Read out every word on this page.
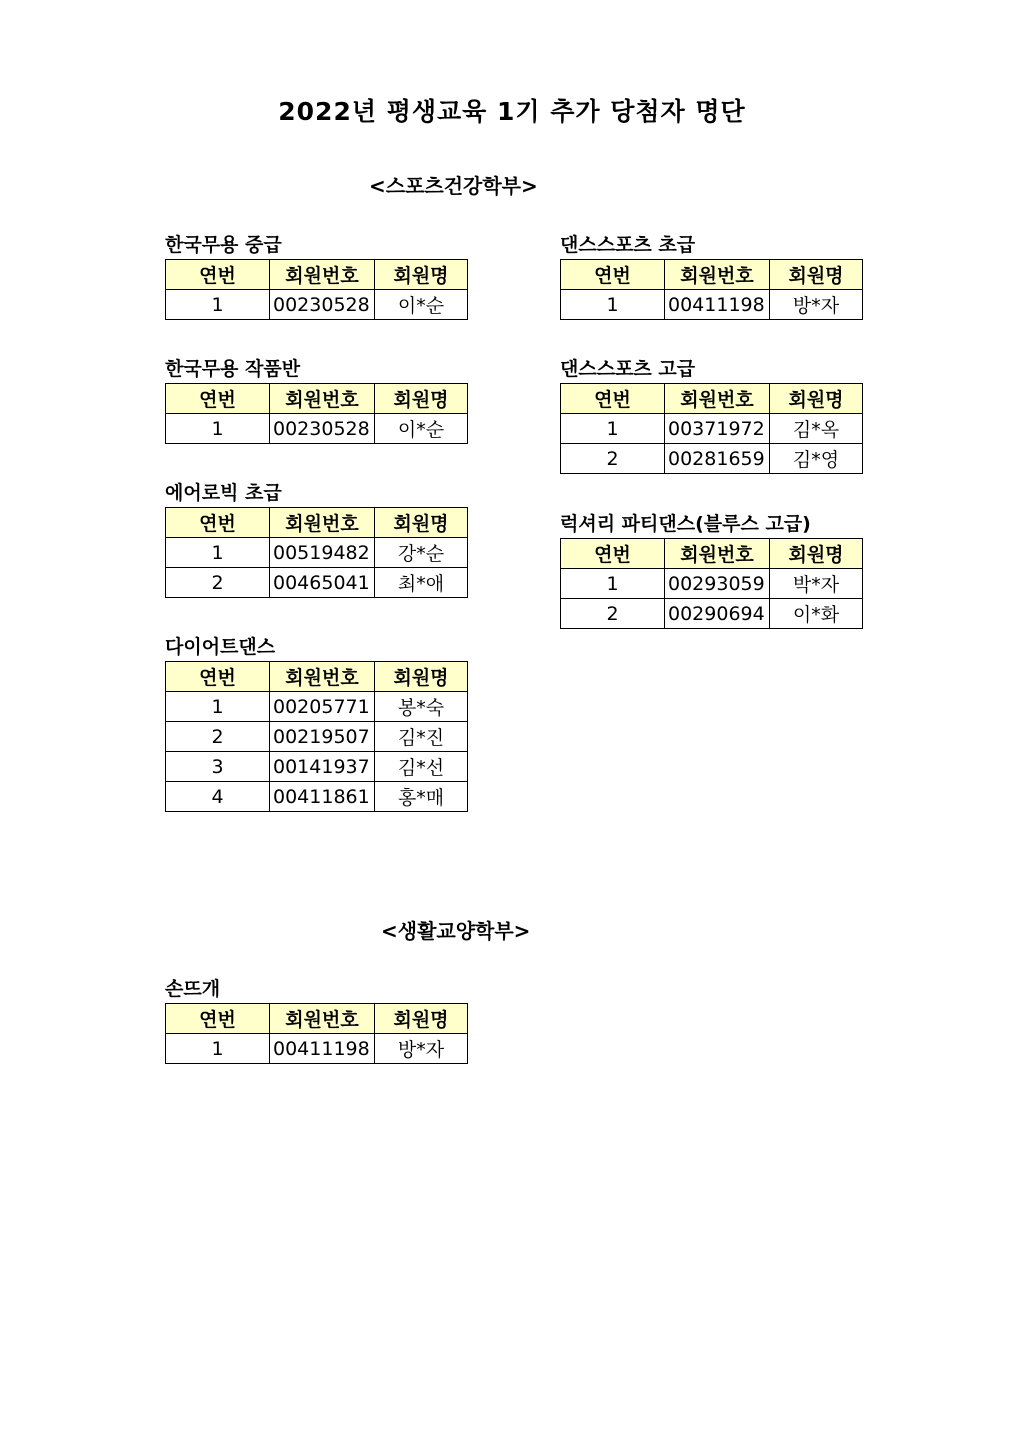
2022년 평생교육 1기 추가 당첨자 명단
<스포츠건강학부>
한국무용 중급
연번	회원번호	회원명
1	00230528	이*순
댄스스포츠 초급
연번	회원번호	회원명
1	00411198	방*자
한국무용 작품반
연번	회원번호	회원명
1	00230528	이*순
댄스스포츠 고급
연번	회원번호	회원명
1	00371972	김*옥
2	00281659	김*영
에어로빅 초급
연번	회원번호	회원명
1	00519482	강*순
2	00465041	최*애
럭셔리 파티댄스(블루스 고급)
연번	회원번호	회원명
1	00293059	박*자
2	00290694	이*화
다이어트댄스
연번	회원번호	회원명
1	00205771	봉*숙
2	00219507	김*진
3	00141937	김*선
4	00411861	홍*매
<생활교양학부>
손뜨개
연번	회원번호	회원명
1	00411198	방*자
